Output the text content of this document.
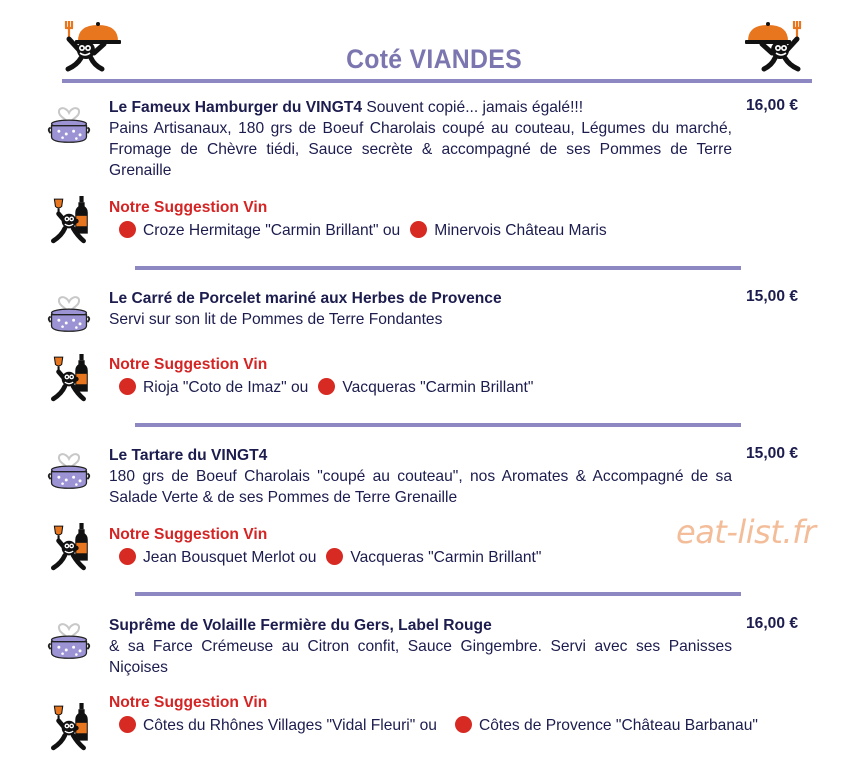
Coté VIANDES
Le Fameux Hamburger du VINGT4 Souvent copié... jamais égalé!!!
Pains Artisanaux, 180 grs de Boeuf Charolais coupé au couteau, Légumes du marché, Fromage de Chèvre tiédi, Sauce secrète & accompagné de ses Pommes de Terre Grenaille
16,00 €
Notre Suggestion Vin
Croze Hermitage "Carmin Brillant" ou Minervois Château Maris
Le Carré de Porcelet mariné aux Herbes de Provence
Servi sur son lit de Pommes de Terre Fondantes
15,00 €
Notre Suggestion Vin
Rioja "Coto de Imaz" ou Vacqueras "Carmin Brillant"
Le Tartare du VINGT4
180 grs de Boeuf Charolais "coupé au couteau", nos Aromates & Accompagné de sa Salade Verte & de ses Pommes de Terre Grenaille
15,00 €
Notre Suggestion Vin
Jean Bousquet Merlot ou Vacqueras "Carmin Brillant"
eat-list.fr
Suprême de Volaille Fermière du Gers, Label Rouge
& sa Farce Crémeuse au Citron confit, Sauce Gingembre. Servi avec ses Panisses Niçoises
16,00 €
Notre Suggestion Vin
Côtes du Rhônes Villages "Vidal Fleuri" ou	Côtes de Provence "Château Barbanau"
